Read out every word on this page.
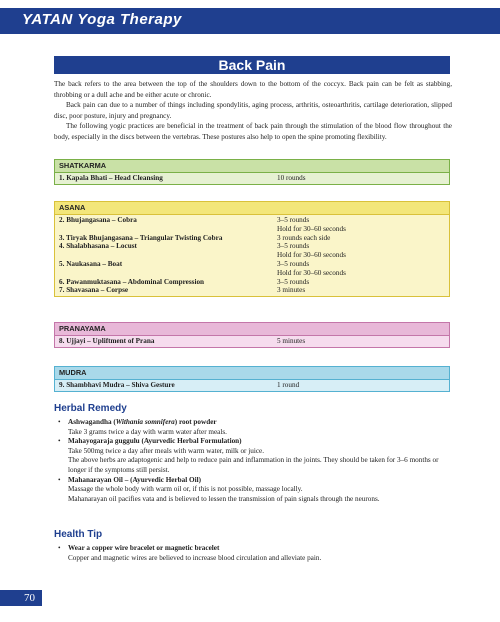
YATAN Yoga Therapy
Back Pain

The back refers to the area between the top of the shoulders down to the bottom of the coccyx. Back pain can be felt as stabbing, throbbing or a dull ache and be either acute or chronic.

Back pain can due to a number of things including spondylitis, aging process, arthritis, osteoarthritis, cartilage deterioration, slipped disc, poor posture, injury and pregnancy.

The following yogic practices are beneficial in the treatment of back pain through the stimulation of the blood flow throughout the body, especially in the discs between the vertebras. These postures also help to open the spine promoting flexibility.

SHATKARMA
1. Kapala Bhati – Head Cleansing	10 rounds
ASANA
2. Bhujangasana – Cobra	3–5 rounds
Hold for 30–60 seconds
3. Tiryak Bhujangasana – Triangular Twisting Cobra	3 rounds each side
4. Shalabhasana – Locust	3–5 rounds
Hold for 30–60 seconds
5. Naukasana – Boat	3–5 rounds
Hold for 30–60 seconds
6. Pawanmuktasana – Abdominal Compression	3–5 rounds
7. Shavasana – Corpse	3 minutes
PRANAYAMA
8. Ujjayi – Upliftment of Prana	5 minutes
MUDRA
9. Shambhavi Mudra – Shiva Gesture	1 round
Herbal Remedy
• Ashwagandha (Withania somnifera) root powder
Take 3 grams twice a day with warm water after meals.
• Mahayogaraja guggulu (Ayurvedic Herbal Formulation)
Take 500mg twice a day after meals with warm water, milk or juice.
The above herbs are adaptogenic and help to reduce pain and inflammation in the joints. They should be taken for 3–6 months or longer if the symptoms still persist.
• Mahanarayan Oil – (Ayurvedic Herbal Oil)
Massage the whole body with warm oil or, if this is not possible, massage locally.
Mahanarayan oil pacifies vata and is believed to lessen the transmission of pain signals through the neurons.
Health Tip
• Wear a copper wire bracelet or magnetic bracelet
Copper and magnetic wires are believed to increase blood circulation and alleviate pain.
70
